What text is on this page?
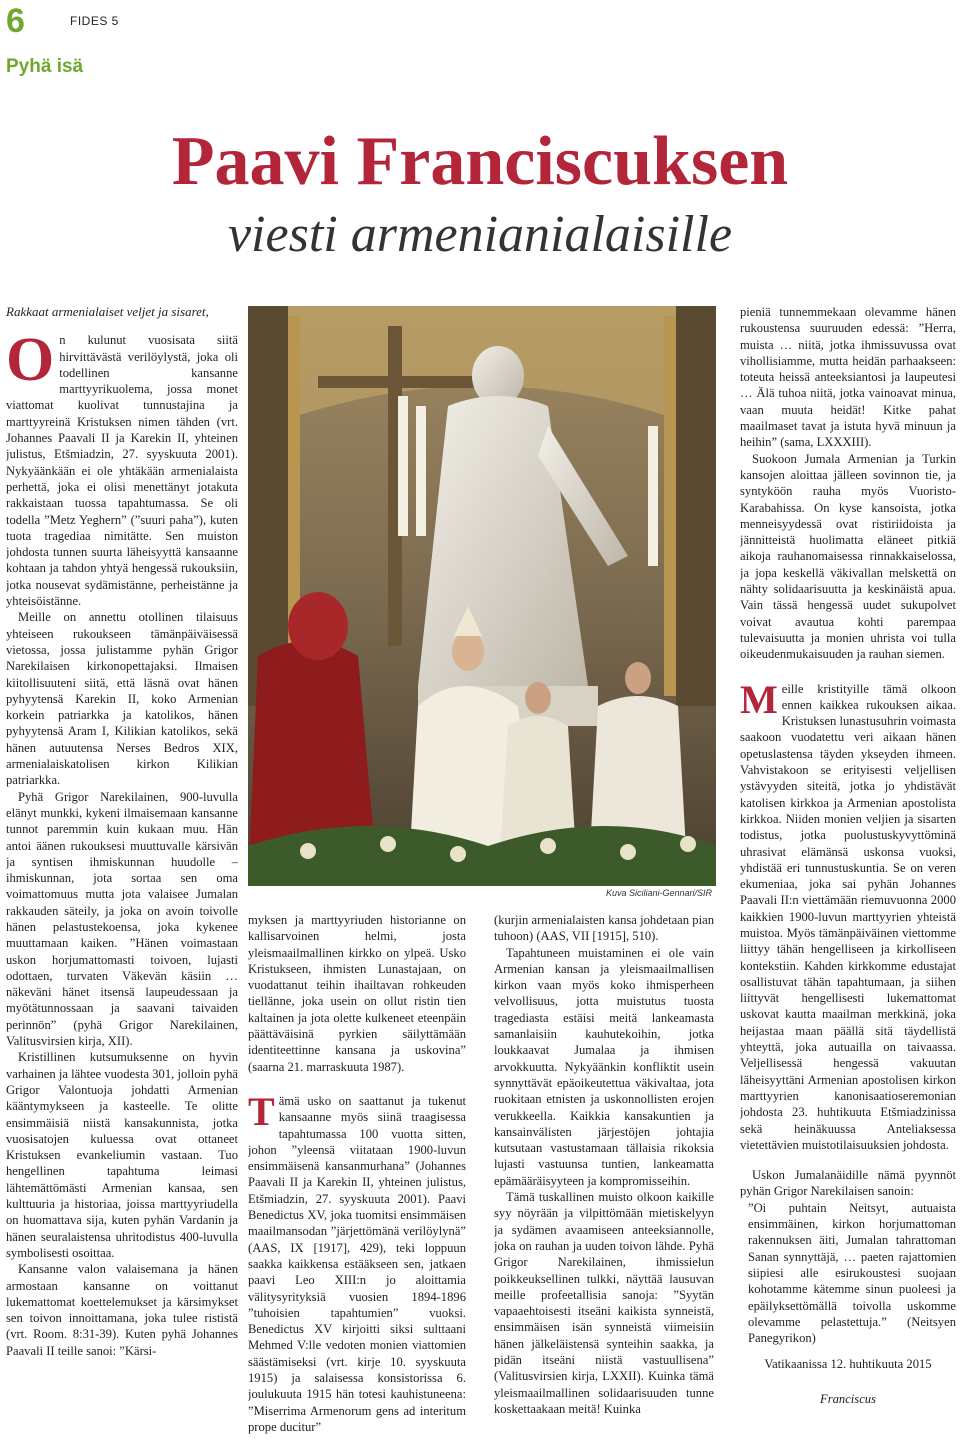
6	FIDES 5
Pyhä isä
Paavi Franciscuksen
viesti armenianialaisille

Rakkaat armenialaiset veljet ja sisaret,

On kulunut vuosisata siitä hirvittävästä verilöylystä, joka oli todellinen kansanne marttyyrikuolema, jossa monet viattomat kuolivat tunnustajina ja marttyyreinä Kristuksen nimen tähden (vrt. Johannes Paavali II ja Karekin II, yhteinen julistus, Etšmiadzin, 27. syyskuuta 2001). Nykyäänkään ei ole yhtäkään armenialaista perhettä, joka ei olisi menettänyt jotakuta rakkaistaan tuossa tapahtumassa. Se oli todella ”Metz Yeghern” (”suuri paha”), kuten tuota tragediaa nimitätte. Sen muiston johdosta tunnen suurta läheisyyttä kansaanne kohtaan ja tahdon yhtyä hengessä rukouksiin, jotka nousevat sydämistänne, perheistänne ja yhteisöistänne.

Meille on annettu otollinen tilaisuus yhteiseen rukoukseen tämänpäiväisessä vietossa, jossa julistamme pyhän Grigor Narekilaisen kirkonopettajaksi. Ilmaisen kiitollisuuteni siitä, että läsnä ovat hänen pyhyytensä Karekin II, koko Armenian korkein patriarkka ja katolikos, hänen pyhyytensä Aram I, Kilikian katolikos, sekä hänen autuutensa Nerses Bedros XIX, armenialaiskatolisen kirkon Kilikian patriarkka.

Pyhä Grigor Narekilainen, 900-luvulla elänyt munkki, kykeni ilmaisemaan kansanne tunnot paremmin kuin kukaan muu. Hän antoi äänen rukouksesi muuttuvalle kärsivän ja syntisen ihmiskunnan huudolle – ihmiskunnan, jota sortaa sen oma voimattomuus mutta jota valaisee Jumalan rakkauden säteily, ja joka on avoin toivolle hänen pelastustekoensa, joka kykenee muuttamaan kaiken. ”Hänen voimastaan uskon horjumattomasti toivoen, lujasti odottaen, turvaten Väkevän käsiin … näkeväni hänet itsensä laupeudessaan ja myötätunnossaan ja saavani taivaiden perinnön” (pyhä Grigor Narekilainen, Valitusvirsien kirja, XII).

Kristillinen kutsumuksenne on hyvin varhainen ja lähtee vuodesta 301, jolloin pyhä Grigor Valontuoja johdatti Armenian kääntymykseen ja kasteelle. Te olitte ensimmäisiä niistä kansakunnista, jotka vuosisatojen kuluessa ovat ottaneet Kristuksen evankeliumin vastaan. Tuo hengellinen tapahtuma leimasi lähtemättömästi Armenian kansaa, sen kulttuuria ja historiaa, joissa marttyyriudella on huomattava sija, kuten pyhän Vardanin ja hänen seuralaistensa uhritodistus 400-luvulla symbolisesti osoittaa.

Kansanne valon valaisemana ja hänen armostaan kansanne on voittanut lukemattomat koettelemukset ja kärsimykset sen toivon innoittamana, joka tulee rististä (vrt. Room. 8:31-39). Kuten pyhä Johannes Paavali II teille sanoi: ”Kärsi-

Kuva Siciliani-Gennari/SIR

myksen ja marttyyriuden historianne on kallisarvoinen helmi, josta yleismaailmallinen kirkko on ylpeä. Usko Kristukseen, ihmisten Lunastajaan, on vuodattanut teihin ihailtavan rohkeuden tiellänne, joka usein on ollut ristin tien kaltainen ja jota olette kulkeneet eteenpäin päättäväisinä pyrkien säilyttämään identiteettinne kansana ja uskovina” (saarna 21. marraskuuta 1987).

Tämä usko on saattanut ja tukenut kansaanne myös siinä traagisessa tapahtumassa 100 vuotta sitten, johon ”yleensä viitataan 1900-luvun ensimmäisenä kansanmurhana” (Johannes Paavali II ja Karekin II, yhteinen julistus, Etšmiadzin, 27. syyskuuta 2001). Paavi Benedictus XV, joka tuomitsi ensimmäisen maailmansodan ”järjettömänä verilöylynä” (AAS, IX [1917], 429), teki loppuun saakka kaikkensa estääkseen sen, jatkaen paavi Leo XIII:n jo aloittamia välitysyrityksiä vuosien 1894-1896 ”tuhoisien tapahtumien” vuoksi. Benedictus XV kirjoitti siksi sulttaani Mehmed V:lle vedoten monien viattomien säästämiseksi (vrt. kirje 10. syyskuuta 1915) ja salaisessa konsistorissa 6. joulukuuta 1915 hän totesi kauhistuneena: ”Miserrima Armenorum gens ad interitum prope ducitur”

(kurjin armenialaisten kansa johdetaan pian tuhoon) (AAS, VII [1915], 510).

Tapahtuneen muistaminen ei ole vain Armenian kansan ja yleismaailmallisen kirkon vaan myös koko ihmisperheen velvollisuus, jotta muistutus tuosta tragediasta estäisi meitä lankeamasta samanlaisiin kauhutekoihin, jotka loukkaavat Jumalaa ja ihmisen arvokkuutta. Nykyäänkin konfliktit usein synnyttävät epäoikeutettua väkivaltaa, jota ruokitaan etnisten ja uskonnollisten erojen verukkeella. Kaikkia kansakuntien ja kansainvälisten järjestöjen johtajia kutsutaan vastustamaan tällaisia rikoksia lujasti vastuunsa tuntien, lankeamatta epämääräisyyteen ja kompromisseihin.

Tämä tuskallinen muisto olkoon kaikille syy nöyrään ja vilpittömään mietiskelyyn ja sydämen avaamiseen anteeksiannolle, joka on rauhan ja uuden toivon lähde. Pyhä Grigor Narekilainen, ihmissielun poikkeuksellinen tulkki, näyttää lausuvan meille profeetallisia sanoja: ”Syytän vapaaehtoisesti itseäni kaikista synneistä, ensimmäisen isän synneistä viimeisiin hänen jälkeläistensä synteihin saakka, ja pidän itseäni niistä vastuullisena” (Valitusvirsien kirja, LXXII). Kuinka tämä yleismaailmallinen solidaarisuuden tunne koskettaakaan meitä! Kuinka

pieniä tunnemmekaan olevamme hänen rukoustensa suuruuden edessä: ”Herra, muista … niitä, jotka ihmissuvussa ovat vihollisiamme, mutta heidän parhaakseen: toteuta heissä anteeksiantosi ja laupeutesi … Älä tuhoa niitä, jotka vainoavat minua, vaan muuta heidät! Kitke pahat maailmaset tavat ja istuta hyvä minuun ja heihin” (sama, LXXXIII).

Suokoon Jumala Armenian ja Turkin kansojen aloittaa jälleen sovinnon tie, ja syntyköön rauha myös Vuoristo-Karabahissa. On kyse kansoista, jotka menneisyydessä ovat ristiriidoista ja jännitteistä huolimatta eläneet pitkiä aikoja rauhanomaisessa rinnakkaiselossa, ja jopa keskellä väkivallan melskettä on nähty solidaarisuutta ja keskinäistä apua. Vain tässä hengessä uudet sukupolvet voivat avautua kohti parempaa tulevaisuutta ja monien uhrista voi tulla oikeudenmukaisuuden ja rauhan siemen.

Meille kristityille tämä olkoon ennen kaikkea rukouksen aikaa. Kristuksen lunastusuhrin voimasta saakoon vuodatettu veri aikaan hänen opetuslastensa täyden ykseyden ihmeen. Vahvistakoon se erityisesti veljellisen ystävyyden siteitä, jotka jo yhdistävät katolisen kirkkoa ja Armenian apostolista kirkkoa. Niiden monien veljien ja sisarten todistus, jotka puolustuskyvyttöminä uhrasivat elämänsä uskonsa vuoksi, yhdistää eri tunnustuskuntia. Se on veren ekumeniaa, joka sai pyhän Johannes Paavali II:n viettämään riemuvuonna 2000 kaikkien 1900-luvun marttyyrien yhteistä muistoa. Myös tämänpäiväinen viettomme liittyy tähän hengelliseen ja kirkolliseen kontekstiin. Kahden kirkkomme edustajat osallistuvat tähän tapahtumaan, ja siihen liittyvät hengellisesti lukemattomat uskovat kautta maailman merkkinä, joka heijastaa maan päällä sitä täydellistä yhteyttä, joka autuailla on taivaassa. Veljellisessä hengessä vakuutan läheisyyttäni Armenian apostolisen kirkon marttyyrien kanonisaatioseremonian johdosta 23. huhtikuuta Etšmiadzinissa sekä heinäkuussa Anteliaksessa vietettävien muistotilaisuuksien johdosta.

Uskon Jumalanäidille nämä pyynnöt pyhän Grigor Narekilaisen sanoin:

”Oi puhtain Neitsyt, autuaista ensimmäinen, kirkon horjumattoman rakennuksen äiti, Jumalan tahrattoman Sanan synnyttäjä, … paeten rajattomien siipiesi alle esirukoustesi suojaan kohotamme kätemme sinun puoleesi ja epäilyksettömällä toivolla uskomme olevamme pelastettuja.” (Neitsyen Panegyrikon)

Vatikaanissa 12. huhtikuuta 2015

Franciscus
